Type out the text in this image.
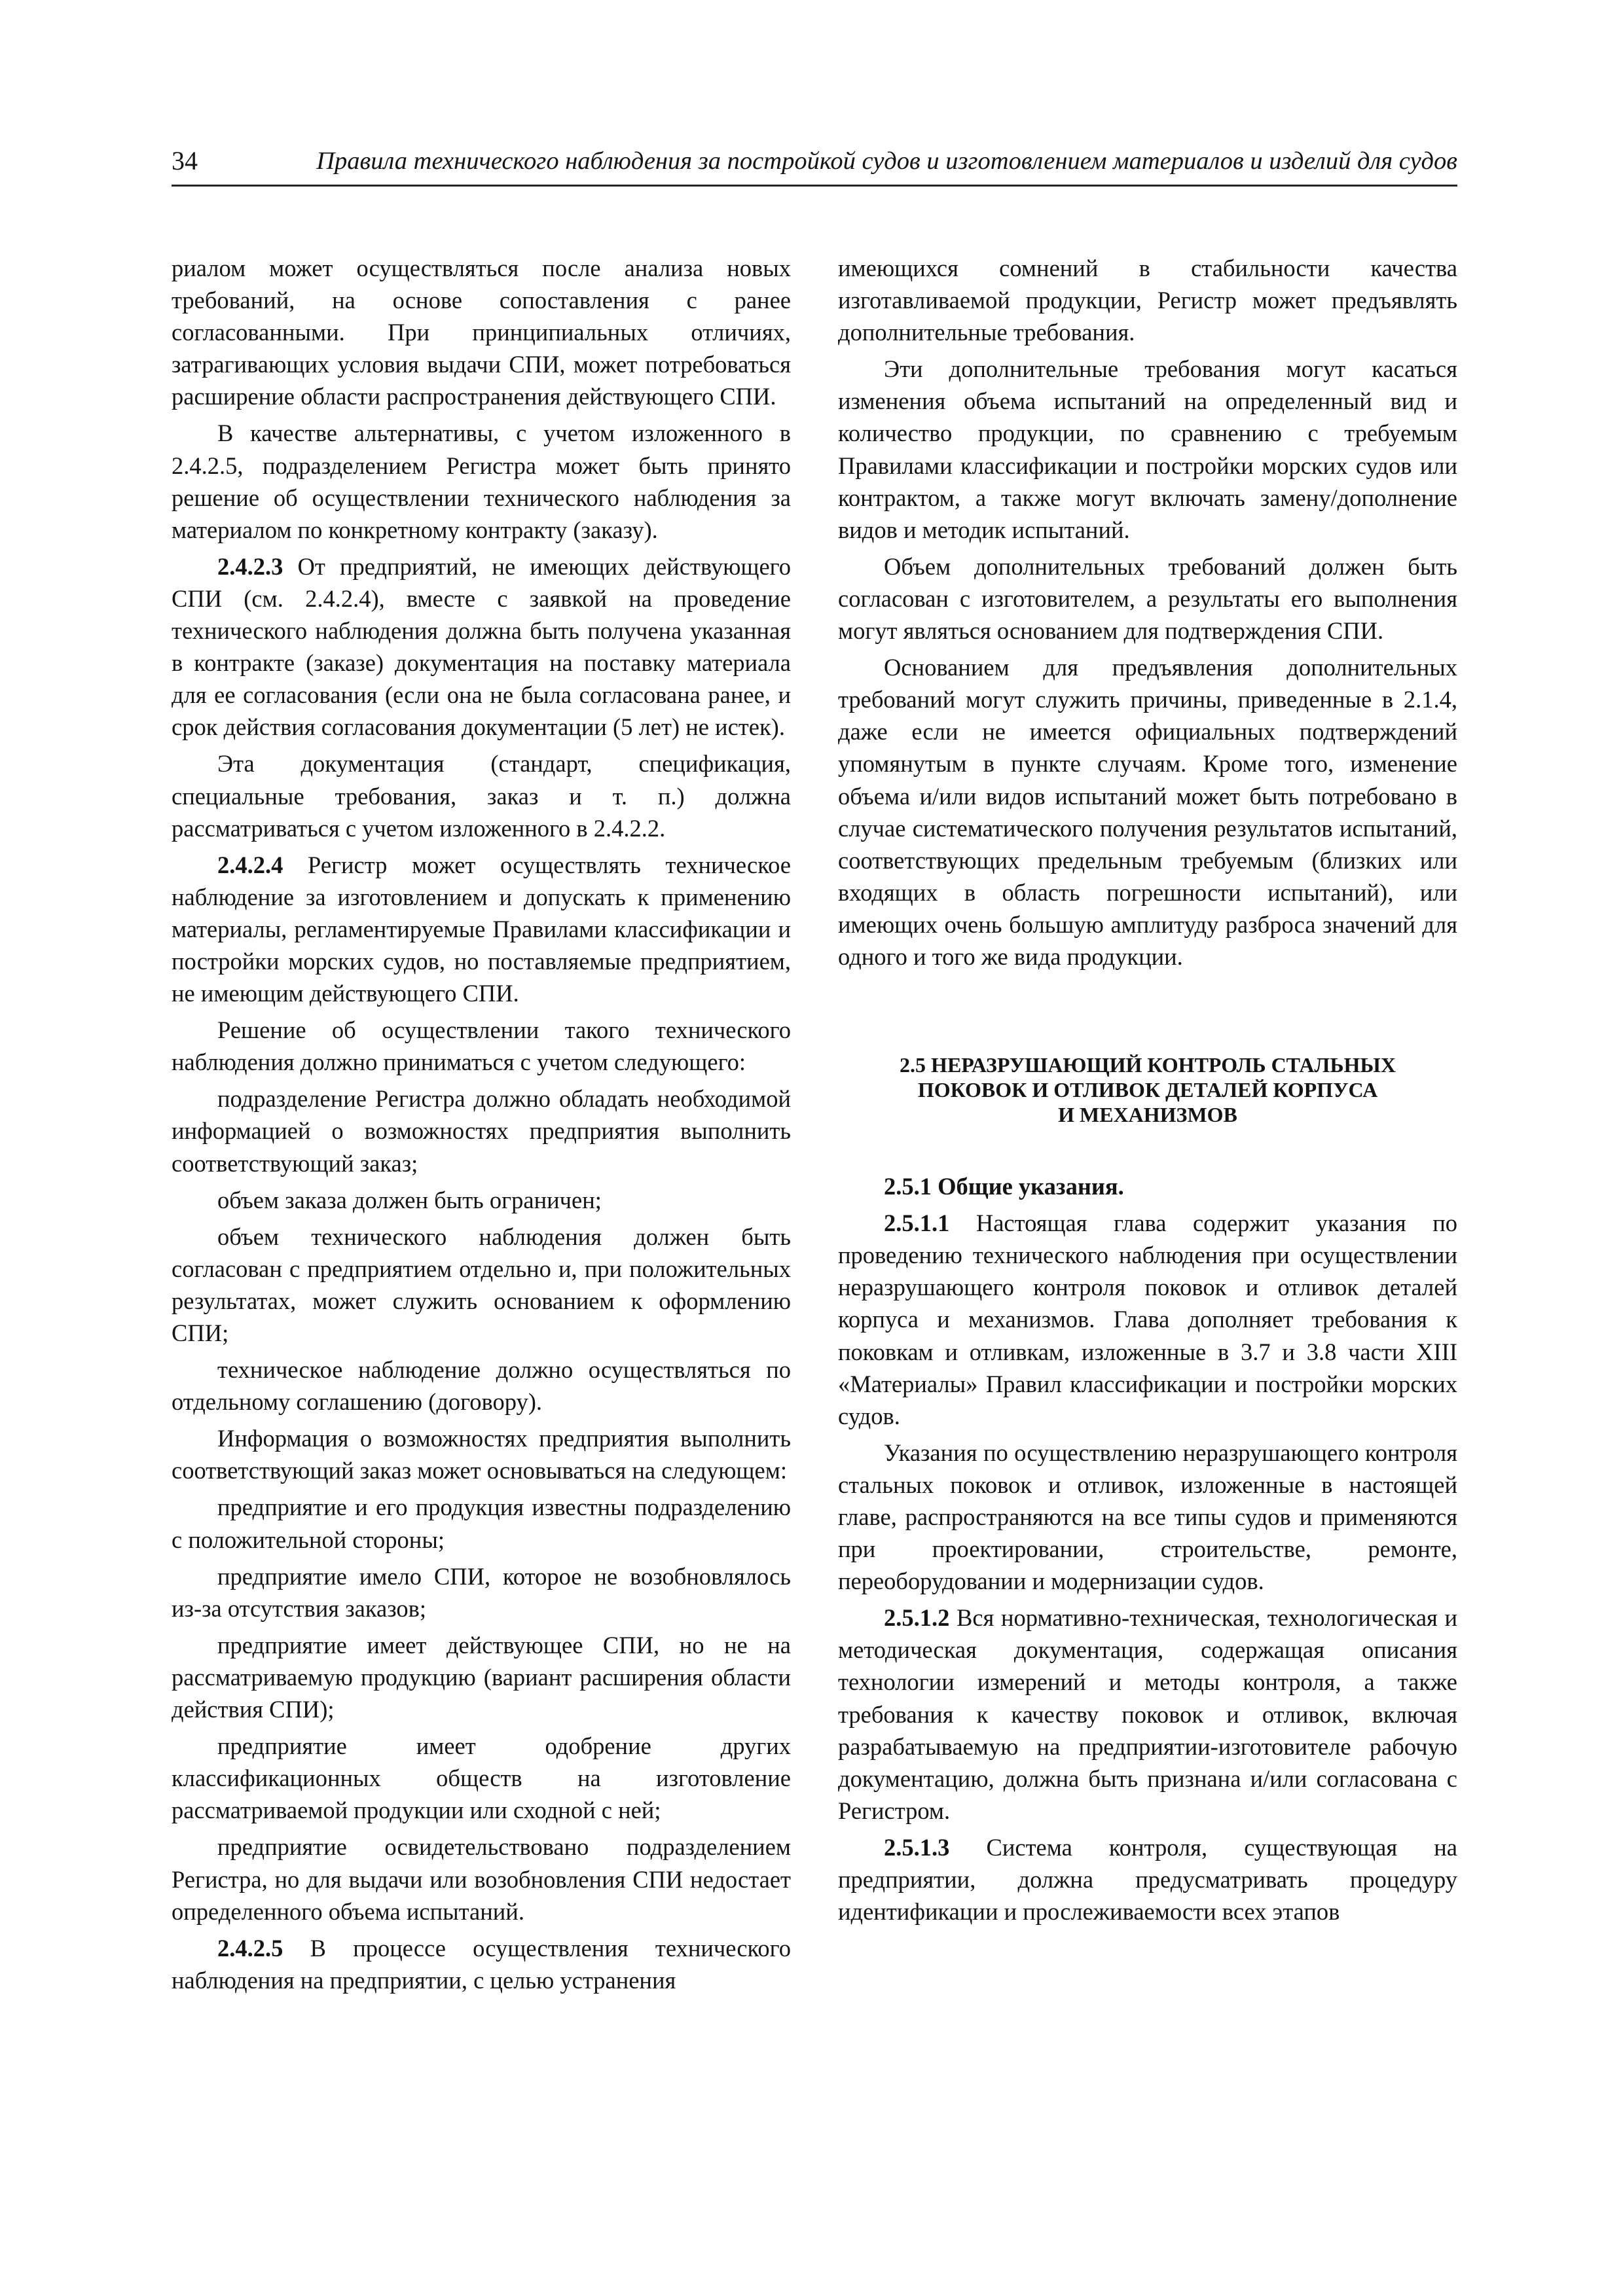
34	Правила технического наблюдения за постройкой судов и изготовлением материалов и изделий для судов

риалом может осуществляться после анализа новых требований, на основе сопоставления с ранее согласованными. При принципиальных отличиях, затрагивающих условия выдачи СПИ, может потребоваться расширение области распространения действующего СПИ.

В качестве альтернативы, с учетом изложенного в 2.4.2.5, подразделением Регистра может быть принято решение об осуществлении технического наблюдения за материалом по конкретному контракту (заказу).

2.4.2.3 От предприятий, не имеющих действующего СПИ (см. 2.4.2.4), вместе с заявкой на проведение технического наблюдения должна быть получена указанная в контракте (заказе) документация на поставку материала для ее согласования (если она не была согласована ранее, и срок действия согласования документации (5 лет) не истек).

Эта документация (стандарт, спецификация, специальные требования, заказ и т. п.) должна рассматриваться с учетом изложенного в 2.4.2.2.

2.4.2.4 Регистр может осуществлять техническое наблюдение за изготовлением и допускать к применению материалы, регламентируемые Правилами классификации и постройки морских судов, но поставляемые предприятием, не имеющим действующего СПИ.

Решение об осуществлении такого технического наблюдения должно приниматься с учетом следующего:

подразделение Регистра должно обладать необходимой информацией о возможностях предприятия выполнить соответствующий заказ;

объем заказа должен быть ограничен;

объем технического наблюдения должен быть согласован с предприятием отдельно и, при положительных результатах, может служить основанием к оформлению СПИ;

техническое наблюдение должно осуществляться по отдельному соглашению (договору).

Информация о возможностях предприятия выполнить соответствующий заказ может основываться на следующем:

предприятие и его продукция известны подразделению с положительной стороны;

предприятие имело СПИ, которое не возобновлялось из-за отсутствия заказов;

предприятие имеет действующее СПИ, но не на рассматриваемую продукцию (вариант расширения области действия СПИ);

предприятие имеет одобрение других классификационных обществ на изготовление рассматриваемой продукции или сходной с ней;

предприятие освидетельствовано подразделением Регистра, но для выдачи или возобновления СПИ недостает определенного объема испытаний.

2.4.2.5 В процессе осуществления технического наблюдения на предприятии, с целью устранения

имеющихся сомнений в стабильности качества изготавливаемой продукции, Регистр может предъявлять дополнительные требования.

Эти дополнительные требования могут касаться изменения объема испытаний на определенный вид и количество продукции, по сравнению с требуемым Правилами классификации и постройки морских судов или контрактом, а также могут включать замену/дополнение видов и методик испытаний.

Объем дополнительных требований должен быть согласован с изготовителем, а результаты его выполнения могут являться основанием для подтверждения СПИ.

Основанием для предъявления дополнительных требований могут служить причины, приведенные в 2.1.4, даже если не имеется официальных подтверждений упомянутым в пункте случаям. Кроме того, изменение объема и/или видов испытаний может быть потребовано в случае систематического получения результатов испытаний, соответствующих предельным требуемым (близких или входящих в область погрешности испытаний), или имеющих очень большую амплитуду разброса значений для одного и того же вида продукции.

2.5 НЕРАЗРУШАЮЩИЙ КОНТРОЛЬ СТАЛЬНЫХ
ПОКОВОК И ОТЛИВОК ДЕТАЛЕЙ КОРПУСА
И МЕХАНИЗМОВ

2.5.1 Общие указания.

2.5.1.1 Настоящая глава содержит указания по проведению технического наблюдения при осуществлении неразрушающего контроля поковок и отливок деталей корпуса и механизмов. Глава дополняет требования к поковкам и отливкам, изложенные в 3.7 и 3.8 части XIII «Материалы» Правил классификации и постройки морских судов.

Указания по осуществлению неразрушающего контроля стальных поковок и отливок, изложенные в настоящей главе, распространяются на все типы судов и применяются при проектировании, строительстве, ремонте, переоборудовании и модернизации судов.

2.5.1.2 Вся нормативно-техническая, технологическая и методическая документация, содержащая описания технологии измерений и методы контроля, а также требования к качеству поковок и отливок, включая разрабатываемую на предприятии-изготовителе рабочую документацию, должна быть признана и/или согласована с Регистром.

2.5.1.3 Система контроля, существующая на предприятии, должна предусматривать процедуру идентификации и прослеживаемости всех этапов
